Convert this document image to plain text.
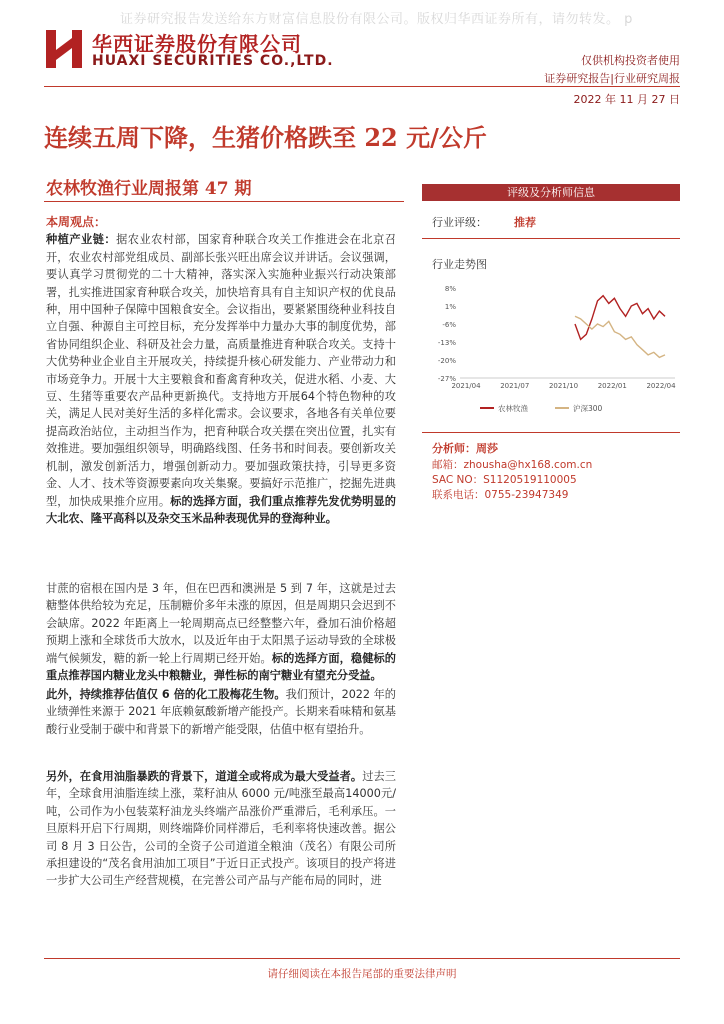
证券研究报告发送给东方财富信息股份有限公司。版权归华西证券所有，请勿转发。 p
华西证券股份有限公司
HUAXI SECURITIES CO.,LTD.	仅供机构投资者使用
证券研究报告|行业研究周报
2022 年 11 月 27 日
连续五周下降，生猪价格跌至 22 元/公斤
农林牧渔行业周报第 47 期
本周观点：
种植产业链：据农业农村部，国家育种联合攻关工作推进会在北京召开，农业农村部党组成员、副部长张兴旺出席会议并讲话。会议强调，要认真学习贯彻党的二十大精神，落实深入实施种业振兴行动决策部署，扎实推进国家育种联合攻关，加快培育具有自主知识产权的优良品种，用中国种子保障中国粮食安全。会议指出，要紧紧围绕种业科技自立自强、种源自主可控目标，充分发挥举中力量办大事的制度优势，部省协同组织企业、科研及社会力量，高质量推进育种联合攻关。支持十大优势种业企业自主开展攻关，持续提升核心研发能力、产业带动力和市场竞争力。开展十大主要粮食和畜禽育种攻关，促进水稻、小麦、大豆、生猪等重要农产品种更新换代。支持地方开展64个特色物种的攻关，满足人民对美好生活的多样化需求。会议要求，各地各有关单位要提高政治站位，主动担当作为，把育种联合攻关摆在突出位置，扎实有效推进。要加强组织领导，明确路线图、任务书和时间表。要创新攻关机制，激发创新活力，增强创新动力。要加强政策扶持，引导更多资金、人才、技术等资源要素向攻关集聚。要搞好示范推广，挖掘先进典型，加快成果推介应用。标的选择方面，我们重点推荐先发优势明显的大北农、隆平高科以及杂交玉米品种表现优异的登海种业。
甘蔗的宿根在国内是 3 年，但在巴西和澳洲是 5 到 7 年，这就是过去糖整体供给较为充足，压制糖价多年未涨的原因，但是周期只会迟到不会缺席。2022 年距离上一轮周期高点已经整整六年，叠加石油价格超预期上涨和全球货币大放水，以及近年由于太阳黑子运动导致的全球极端气候频发，糖的新一轮上行周期已经开始。标的选择方面，稳健标的重点推荐国内糖业龙头中粮糖业，弹性标的南宁糖业有望充分受益。
此外，持续推荐估值仅 6 倍的化工股梅花生物。我们预计，2022 年的业绩弹性来源于 2021 年底赖氨酸新增产能投产。长期来看味精和氨基酸行业受制于碳中和背景下的新增产能受限，估值中枢有望抬升。
另外，在食用油脂暴跌的背景下，道道全或将成为最大受益者。过去三年，全球食用油脂连续上涨，菜籽油从 6000 元/吨涨至最高14000元/吨，公司作为小包装菜籽油龙头终端产品涨价严重滞后，毛利承压。一旦原料开启下行周期，则终端降价同样滞后，毛利率将快速改善。据公司 8 月 3 日公告，公司的全资子公司道道全粮油（茂名）有限公司所承担建设的“茂名食用油加工项目”于近日正式投产。该项目的投产将进一步扩大公司生产经营规模，在完善公司产品与产能布局的同时，进
评级及分析师信息
行业评级： 推荐
行业走势图
8%
1%
-6%
-13%
-20%
-27%
2021/04	2021/07	2021/10	2022/01	2022/04
农林牧渔	沪深300
分析师：周莎
邮箱：zhousha@hx168.com.cn
SAC NO：S1120519110005
联系电话：0755-23947349
请仔细阅读在本报告尾部的重要法律声明
